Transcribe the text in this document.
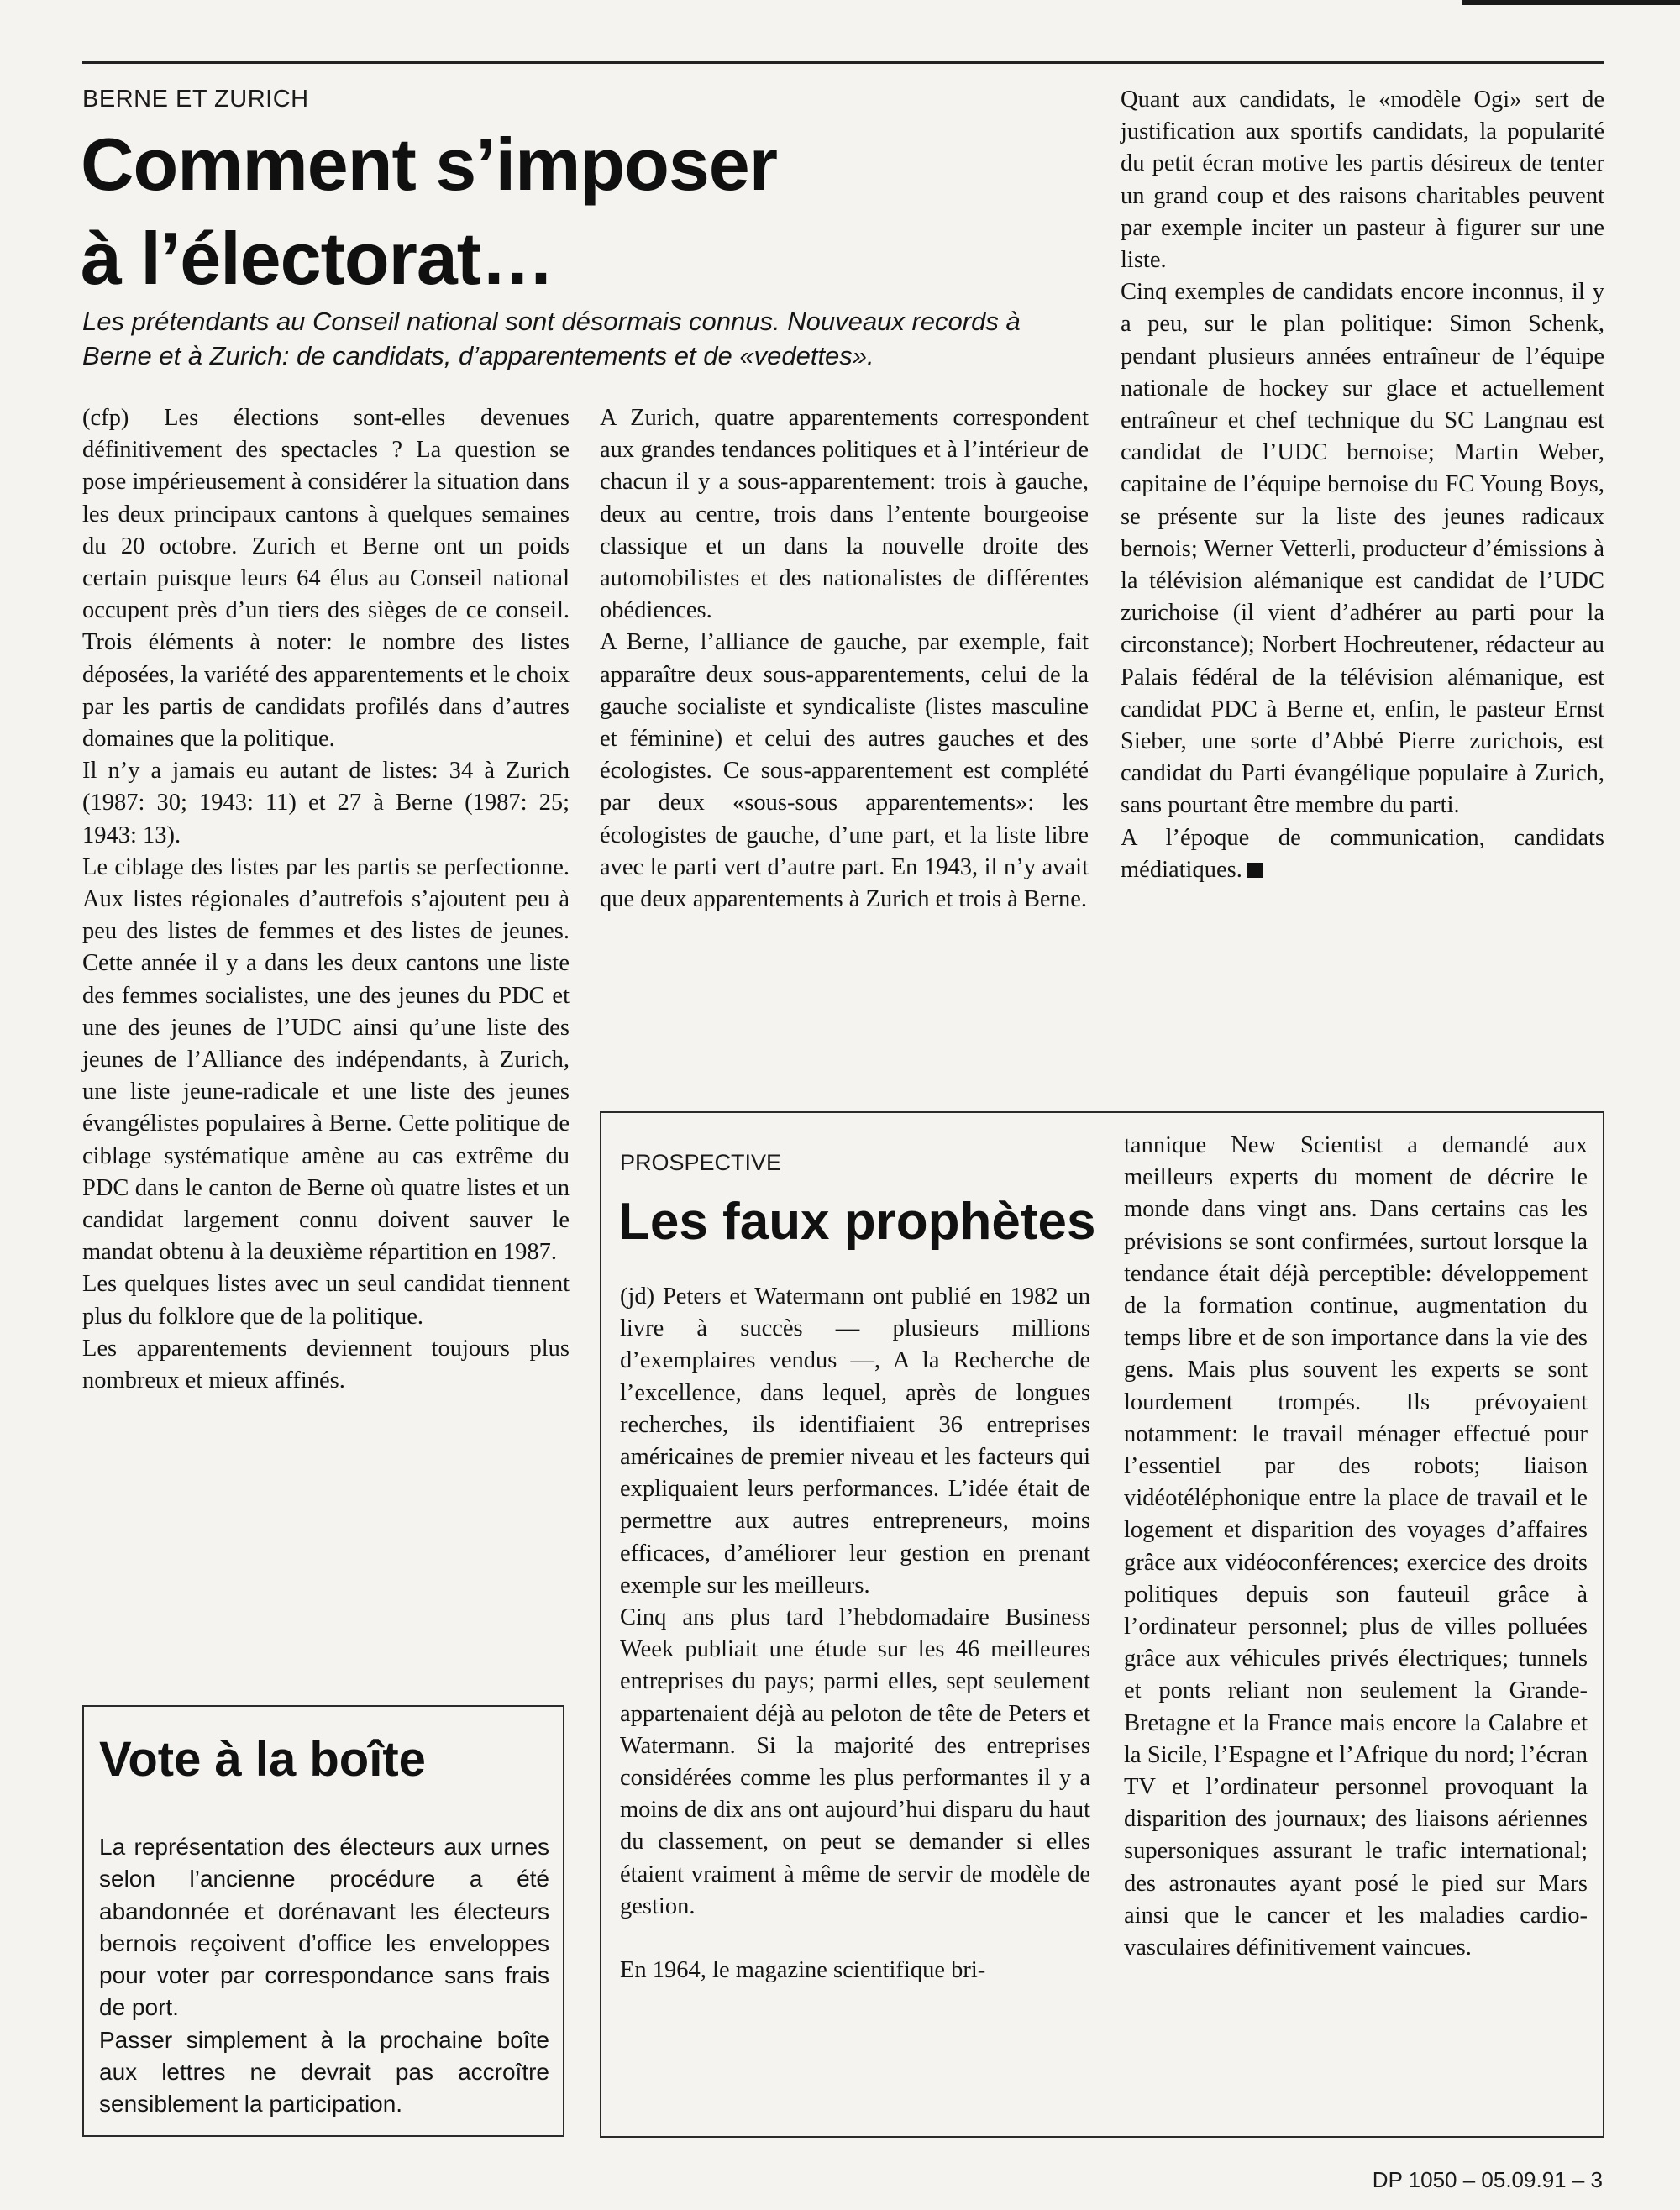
BERNE ET ZURICH
Comment s’imposer
à l’électorat…
Les prétendants au Conseil national sont désormais connus. Nouveaux records à Berne et à Zurich: de candidats, d’apparentements et de «vedettes».

(cfp) Les élections sont-elles devenues définitivement des spectacles ? La question se pose impérieusement à considérer la situation dans les deux principaux cantons à quelques semaines du 20 octobre. Zurich et Berne ont un poids certain puisque leurs 64 élus au Conseil national occupent près d’un tiers des sièges de ce conseil. Trois éléments à noter: le nombre des listes déposées, la variété des apparentements et le choix par les partis de candidats profilés dans d’autres domaines que la politique.

Il n’y a jamais eu autant de listes: 34 à Zurich (1987: 30; 1943: 11) et 27 à Berne (1987: 25; 1943: 13).

Le ciblage des listes par les partis se perfectionne. Aux listes régionales d’autrefois s’ajoutent peu à peu des listes de femmes et des listes de jeunes. Cette année il y a dans les deux cantons une liste des femmes socialistes, une des jeunes du PDC et une des jeunes de l’UDC ainsi qu’une liste des jeunes de l’Alliance des indépendants, à Zurich, une liste jeune-radicale et une liste des jeunes évangélistes populaires à Berne. Cette politique de ciblage systématique amène au cas extrême du PDC dans le canton de Berne où quatre listes et un candidat largement connu doivent sauver le mandat obtenu à la deuxième répartition en 1987.

Les quelques listes avec un seul candidat tiennent plus du folklore que de la politique.

Les apparentements deviennent toujours plus nombreux et mieux affinés.

A Zurich, quatre apparentements correspondent aux grandes tendances politiques et à l’intérieur de chacun il y a sous-apparentement: trois à gauche, deux au centre, trois dans l’entente bourgeoise classique et un dans la nouvelle droite des automobilistes et des nationalistes de différentes obédiences.

A Berne, l’alliance de gauche, par exemple, fait apparaître deux sous-apparentements, celui de la gauche socialiste et syndicaliste (listes masculine et féminine) et celui des autres gauches et des écologistes. Ce sous-apparentement est complété par deux «sous-sous apparentements»: les écologistes de gauche, d’une part, et la liste libre avec le parti vert d’autre part. En 1943, il n’y avait que deux apparentements à Zurich et trois à Berne.

Quant aux candidats, le «modèle Ogi» sert de justification aux sportifs candidats, la popularité du petit écran motive les partis désireux de tenter un grand coup et des raisons charitables peuvent par exemple inciter un pasteur à figurer sur une liste.

Cinq exemples de candidats encore inconnus, il y a peu, sur le plan politique: Simon Schenk, pendant plusieurs années entraîneur de l’équipe nationale de hockey sur glace et actuellement entraîneur et chef technique du SC Langnau est candidat de l’UDC bernoise; Martin Weber, capitaine de l’équipe bernoise du FC Young Boys, se présente sur la liste des jeunes radicaux bernois; Werner Vetterli, producteur d’émissions à la télévision alémanique est candidat de l’UDC zurichoise (il vient d’adhérer au parti pour la circonstance); Norbert Hochreutener, rédacteur au Palais fédéral de la télévision alémanique, est candidat PDC à Berne et, enfin, le pasteur Ernst Sieber, une sorte d’Abbé Pierre zurichois, est candidat du Parti évangélique populaire à Zurich, sans pourtant être membre du parti.

A l’époque de communication, candidats médiatiques.

Vote à la boîte

La représentation des électeurs aux urnes selon l’ancienne procédure a été abandonnée et dorénavant les électeurs bernois reçoivent d’office les enveloppes pour voter par correspondance sans frais de port.

Passer simplement à la prochaine boîte aux lettres ne devrait pas accroître sensiblement la participation.

PROSPECTIVE
Les faux prophètes

(jd) Peters et Watermann ont publié en 1982 un livre à succès — plusieurs millions d’exemplaires vendus —, A la Recherche de l’excellence, dans lequel, après de longues recherches, ils identifiaient 36 entreprises américaines de premier niveau et les facteurs qui expliquaient leurs performances. L’idée était de permettre aux autres entrepreneurs, moins efficaces, d’améliorer leur gestion en prenant exemple sur les meilleurs.

Cinq ans plus tard l’hebdomadaire Business Week publiait une étude sur les 46 meilleures entreprises du pays; parmi elles, sept seulement appartenaient déjà au peloton de tête de Peters et Watermann. Si la majorité des entreprises considérées comme les plus performantes il y a moins de dix ans ont aujourd’hui disparu du haut du classement, on peut se demander si elles étaient vraiment à même de servir de modèle de gestion.

En 1964, le magazine scientifique bri-

tannique New Scientist a demandé aux meilleurs experts du moment de décrire le monde dans vingt ans. Dans certains cas les prévisions se sont confirmées, surtout lorsque la tendance était déjà perceptible: développement de la formation continue, augmentation du temps libre et de son importance dans la vie des gens. Mais plus souvent les experts se sont lourdement trompés. Ils prévoyaient notamment: le travail ménager effectué pour l’essentiel par des robots; liaison vidéotéléphonique entre la place de travail et le logement et disparition des voyages d’affaires grâce aux vidéoconférences; exercice des droits politiques depuis son fauteuil grâce à l’ordinateur personnel; plus de villes polluées grâce aux véhicules privés électriques; tunnels et ponts reliant non seulement la Grande-Bretagne et la France mais encore la Calabre et la Sicile, l’Espagne et l’Afrique du nord; l’écran TV et l’ordinateur personnel provoquant la disparition des journaux; des liaisons aériennes supersoniques assurant le trafic international; des astronautes ayant posé le pied sur Mars ainsi que le cancer et les maladies cardio-vasculaires définitivement vaincues.

DP 1050 – 05.09.91 – 3
